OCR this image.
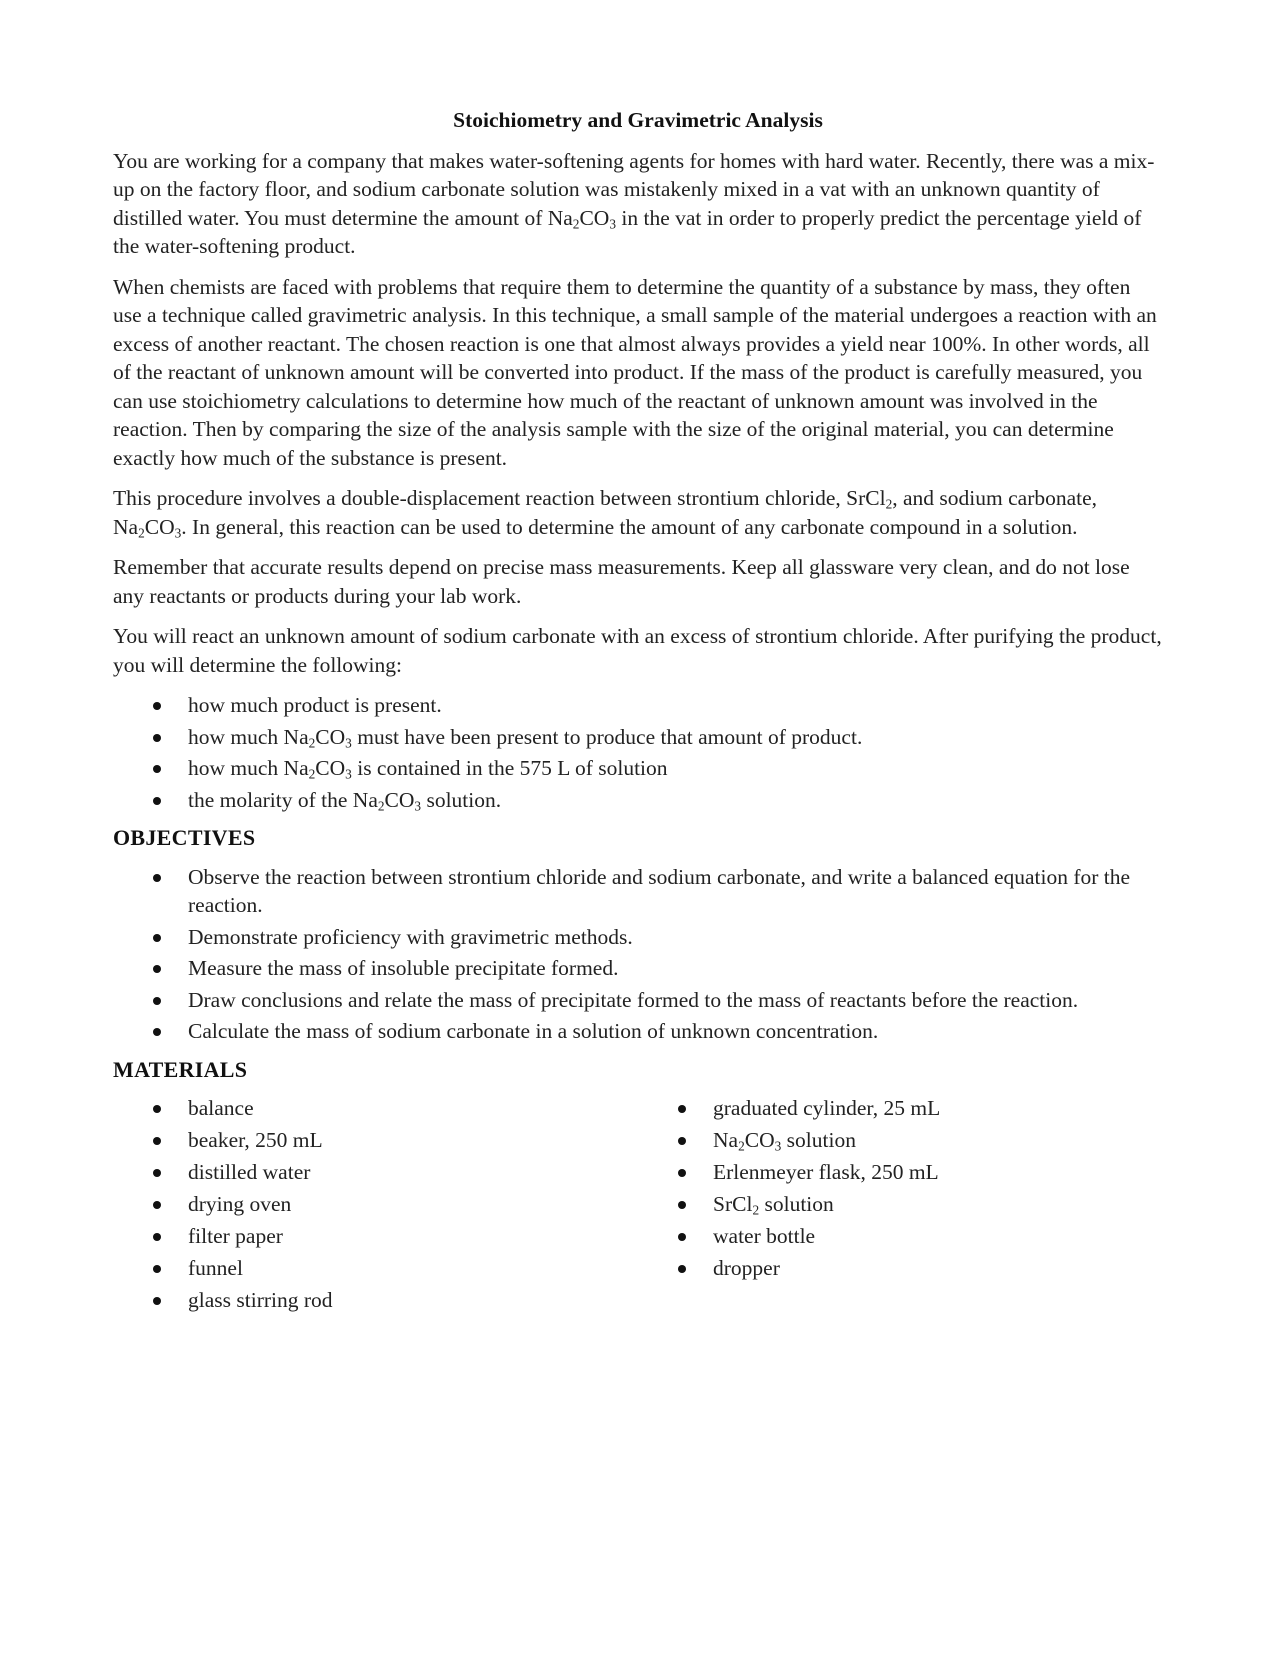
Stoichiometry and Gravimetric Analysis

You are working for a company that makes water-softening agents for homes with hard water. Recently, there was a mix-up on the factory floor, and sodium carbonate solution was mistakenly mixed in a vat with an unknown quantity of distilled water. You must determine the amount of $Na_2CO_3$ in the vat in order to properly predict the percentage yield of the water-softening product.

When chemists are faced with problems that require them to determine the quantity of a substance by mass, they often use a technique called gravimetric analysis. In this technique, a small sample of the material undergoes a reaction with an excess of another reactant. The chosen reaction is one that almost always provides a yield near 100%. In other words, all of the reactant of unknown amount will be converted into product. If the mass of the product is carefully measured, you can use stoichiometry calculations to determine how much of the reactant of unknown amount was involved in the reaction. Then by comparing the size of the analysis sample with the size of the original material, you can determine exactly how much of the substance is present.

This procedure involves a double-displacement reaction between strontium chloride, SrCl$_2$, and sodium carbonate, $Na_2CO_3$. In general, this reaction can be used to determine the amount of any carbonate compound in a solution.

Remember that accurate results depend on precise mass measurements. Keep all glassware very clean, and do not lose any reactants or products during your lab work.

You will react an unknown amount of sodium carbonate with an excess of strontium chloride. After purifying the product, you will determine the following:

how much product is present.
how much $Na_2CO_3$ must have been present to produce that amount of product.
how much $Na_2CO_3$ is contained in the 575 L of solution
the molarity of the $Na_2CO_3$ solution.
OBJECTIVES
Observe the reaction between strontium chloride and sodium carbonate, and write a balanced equation for the reaction.
Demonstrate proficiency with gravimetric methods.
Measure the mass of insoluble precipitate formed.
Draw conclusions and relate the mass of precipitate formed to the mass of reactants before the reaction.
Calculate the mass of sodium carbonate in a solution of unknown concentration.
MATERIALS
balance
beaker, 250 mL
distilled water
drying oven
filter paper
funnel
glass stirring rod
graduated cylinder, 25 mL
$Na_2CO_3$ solution
Erlenmeyer flask, 250 mL
SrCl$_2$ solution
water bottle
dropper
